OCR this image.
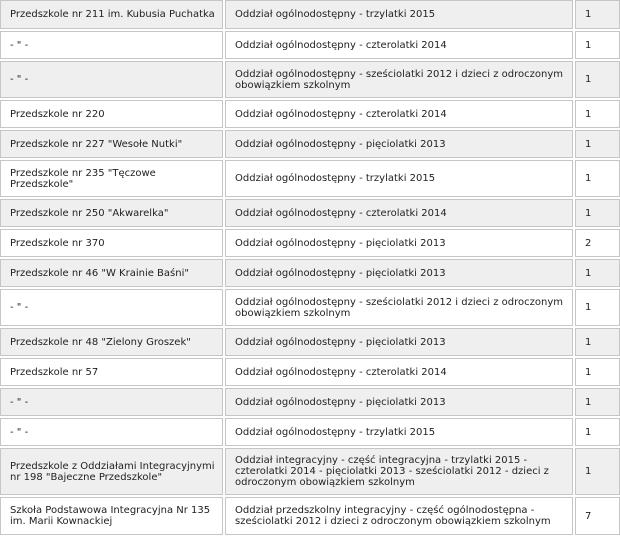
Przedszkole nr 211 im. Kubusia Puchatka	Oddział ogólnodostępny - trzylatki 2015	1
- " -	Oddział ogólnodostępny - czterolatki 2014	1
- " -	Oddział ogólnodostępny - sześciolatki 2012 i dzieci z odroczonym obowiązkiem szkolnym	1
Przedszkole nr 220	Oddział ogólnodostępny - czterolatki 2014	1
Przedszkole nr 227 "Wesołe Nutki"	Oddział ogólnodostępny - pięciolatki 2013	1
Przedszkole nr 235 "Tęczowe Przedszkole"	Oddział ogólnodostępny - trzylatki 2015	1
Przedszkole nr 250 "Akwarelka"	Oddział ogólnodostępny - czterolatki 2014	1
Przedszkole nr 370	Oddział ogólnodostępny - pięciolatki 2013	2
Przedszkole nr 46 "W Krainie Baśni"	Oddział ogólnodostępny - pięciolatki 2013	1
- " -	Oddział ogólnodostępny - sześciolatki 2012 i dzieci z odroczonym obowiązkiem szkolnym	1
Przedszkole nr 48 "Zielony Groszek"	Oddział ogólnodostępny - pięciolatki 2013	1
Przedszkole nr 57	Oddział ogólnodostępny - czterolatki 2014	1
- " -	Oddział ogólnodostępny - pięciolatki 2013	1
- " -	Oddział ogólnodostępny - trzylatki 2015	1
Przedszkole z Oddziałami Integracyjnymi nr 198 "Bajeczne Przedszkole"	Oddział integracyjny - część integracyjna - trzylatki 2015 - czterolatki 2014 - pięciolatki 2013 - sześciolatki 2012 - dzieci z odroczonym obowiązkiem szkolnym	1
Szkoła Podstawowa Integracyjna Nr 135 im. Marii Kownackiej	Oddział przedszkolny integracyjny - część ogólnodostępna - sześciolatki 2012 i dzieci z odroczonym obowiązkiem szkolnym	7
